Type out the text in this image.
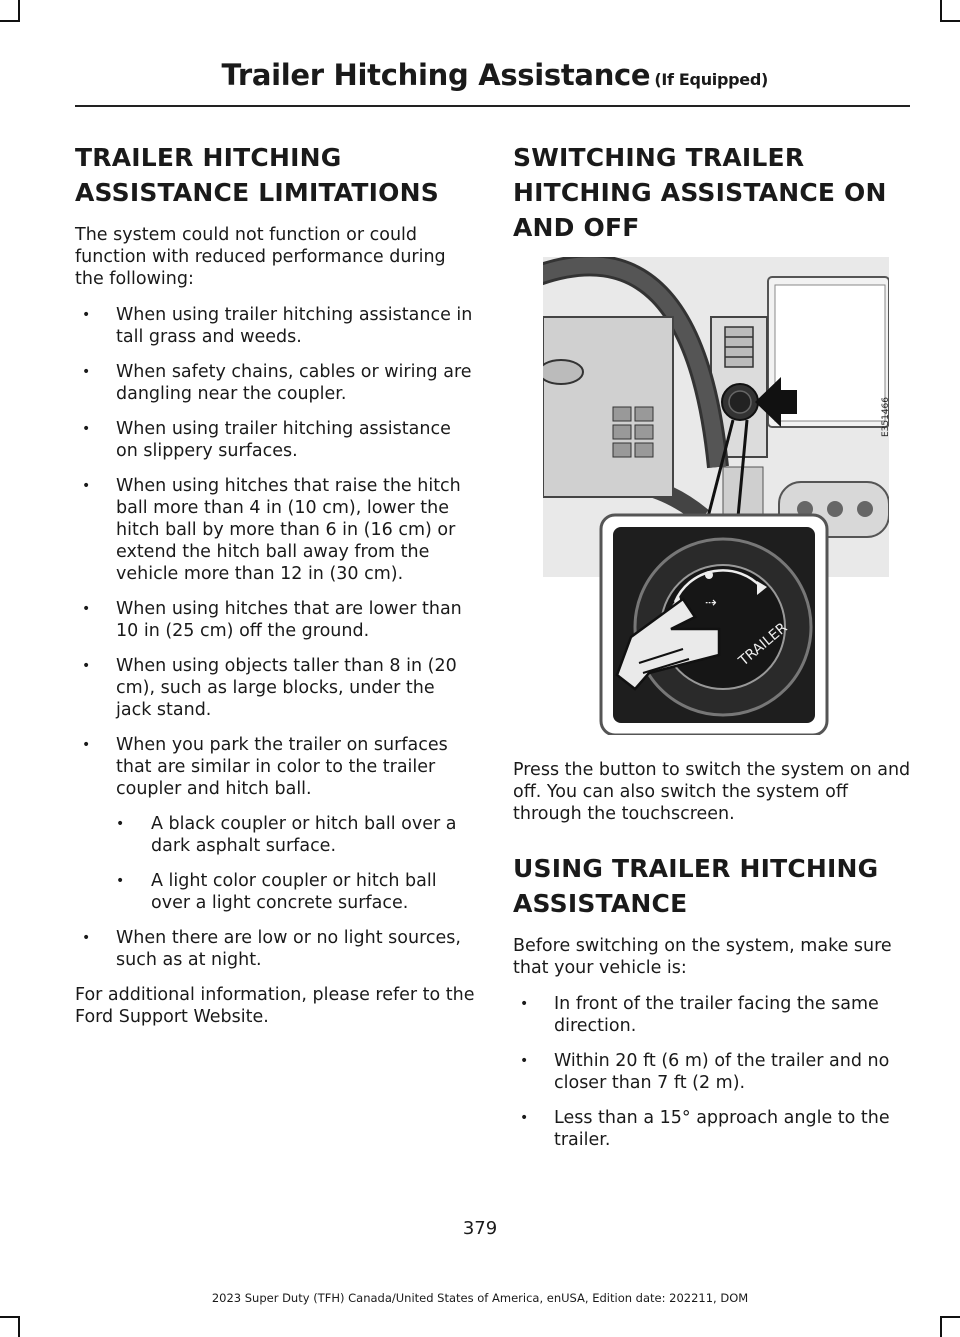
Trailer Hitching Assistance (If Equipped)
TRAILER HITCHING
ASSISTANCE LIMITATIONS

The system could not function or could function with reduced performance during the following:

• When using trailer hitching assistance in tall grass and weeds.
• When safety chains, cables or wiring are dangling near the coupler.
• When using trailer hitching assistance on slippery surfaces.
• When using hitches that raise the hitch ball more than 4 in (10 cm), lower the hitch ball by more than 6 in (16 cm) or extend the hitch ball away from the vehicle more than 12 in (30 cm).
• When using hitches that are lower than 10 in (25 cm) off the ground.
• When using objects taller than 8 in (20 cm), such as large blocks, under the jack stand.
• When you park the trailer on surfaces that are similar in color to the trailer coupler and hitch ball.
• A black coupler or hitch ball over a dark asphalt surface.
• A light color coupler or hitch ball over a light concrete surface.
• When there are low or no light sources, such as at night.

For additional information, please refer to the Ford Support Website.

SWITCHING TRAILER
HITCHING ASSISTANCE ON
AND OFF
⇢
TRAILER
E351466

Press the button to switch the system on and off. You can also switch the system off through the touchscreen.

USING TRAILER HITCHING
ASSISTANCE

Before switching on the system, make sure that your vehicle is:

• In front of the trailer facing the same direction.
• Within 20 ft (6 m) of the trailer and no closer than 7 ft (2 m).
• Less than a 15° approach angle to the trailer.
379
2023 Super Duty (TFH) Canada/United States of America, enUSA, Edition date: 202211, DOM
